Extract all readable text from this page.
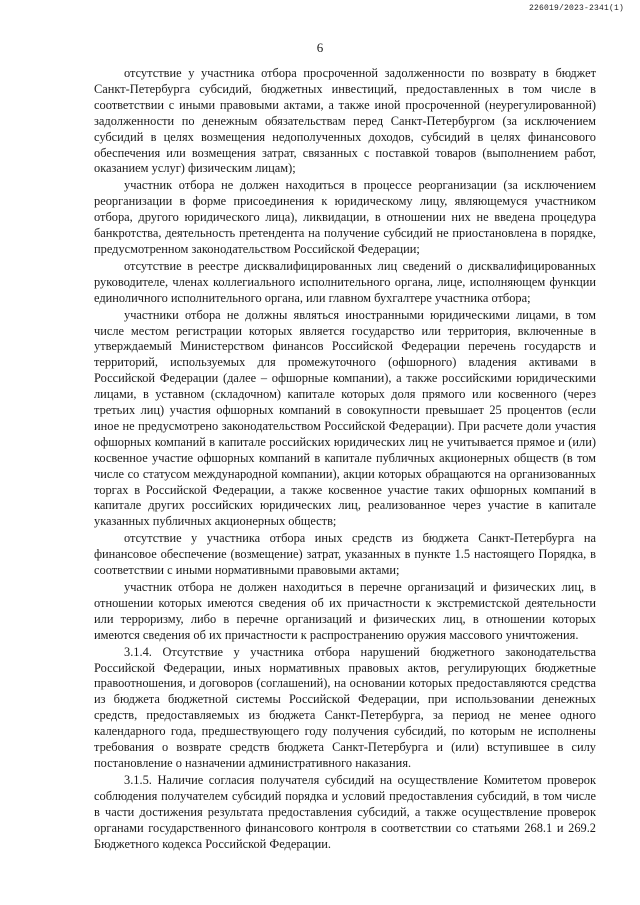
226019/2023-2341(1)
6

отсутствие у участника отбора просроченной задолженности по возврату в бюджет Санкт-Петербурга субсидий, бюджетных инвестиций, предоставленных в том числе в соответствии с иными правовыми актами, а также иной просроченной (неурегулированной) задолженности по денежным обязательствам перед Санкт-Петербургом (за исключением субсидий в целях возмещения недополученных доходов, субсидий в целях финансового обеспечения или возмещения затрат, связанных с поставкой товаров (выполнением работ, оказанием услуг) физическим лицам);

участник отбора не должен находиться в процессе реорганизации (за исключением реорганизации в форме присоединения к юридическому лицу, являющемуся участником отбора, другого юридического лица), ликвидации, в отношении них не введена процедура банкротства, деятельность претендента на получение субсидий не приостановлена в порядке, предусмотренном законодательством Российской Федерации;

отсутствие в реестре дисквалифицированных лиц сведений о дисквалифицированных руководителе, членах коллегиального исполнительного органа, лице, исполняющем функции единоличного исполнительного органа, или главном бухгалтере участника отбора;

участники отбора не должны являться иностранными юридическими лицами, в том числе местом регистрации которых является государство или территория, включенные в утверждаемый Министерством финансов Российской Федерации перечень государств и территорий, используемых для промежуточного (офшорного) владения активами в Российской Федерации (далее – офшорные компании), а также российскими юридическими лицами, в уставном (складочном) капитале которых доля прямого или косвенного (через третьих лиц) участия офшорных компаний в совокупности превышает 25 процентов (если иное не предусмотрено законодательством Российской Федерации). При расчете доли участия офшорных компаний в капитале российских юридических лиц не учитывается прямое и (или) косвенное участие офшорных компаний в капитале публичных акционерных обществ (в том числе со статусом международной компании), акции которых обращаются на организованных торгах в Российской Федерации, а также косвенное участие таких офшорных компаний в капитале других российских юридических лиц, реализованное через участие в капитале указанных публичных акционерных обществ;

отсутствие у участника отбора иных средств из бюджета Санкт-Петербурга на финансовое обеспечение (возмещение) затрат, указанных в пункте 1.5 настоящего Порядка, в соответствии с иными нормативными правовыми актами;

участник отбора не должен находиться в перечне организаций и физических лиц, в отношении которых имеются сведения об их причастности к экстремистской деятельности или терроризму, либо в перечне организаций и физических лиц, в отношении которых имеются сведения об их причастности к распространению оружия массового уничтожения.

3.1.4. Отсутствие у участника отбора нарушений бюджетного законодательства Российской Федерации, иных нормативных правовых актов, регулирующих бюджетные правоотношения, и договоров (соглашений), на основании которых предоставляются средства из бюджета бюджетной системы Российской Федерации, при использовании денежных средств, предоставляемых из бюджета Санкт-Петербурга, за период не менее одного календарного года, предшествующего году получения субсидий, по которым не исполнены требования о возврате средств бюджета Санкт-Петербурга и (или) вступившее в силу постановление о назначении административного наказания.

3.1.5. Наличие согласия получателя субсидий на осуществление Комитетом проверок соблюдения получателем субсидий порядка и условий предоставления субсидий, в том числе в части достижения результата предоставления субсидий, а также осуществление проверок органами государственного финансового контроля в соответствии со статьями 268.1 и 269.2 Бюджетного кодекса Российской Федерации.
